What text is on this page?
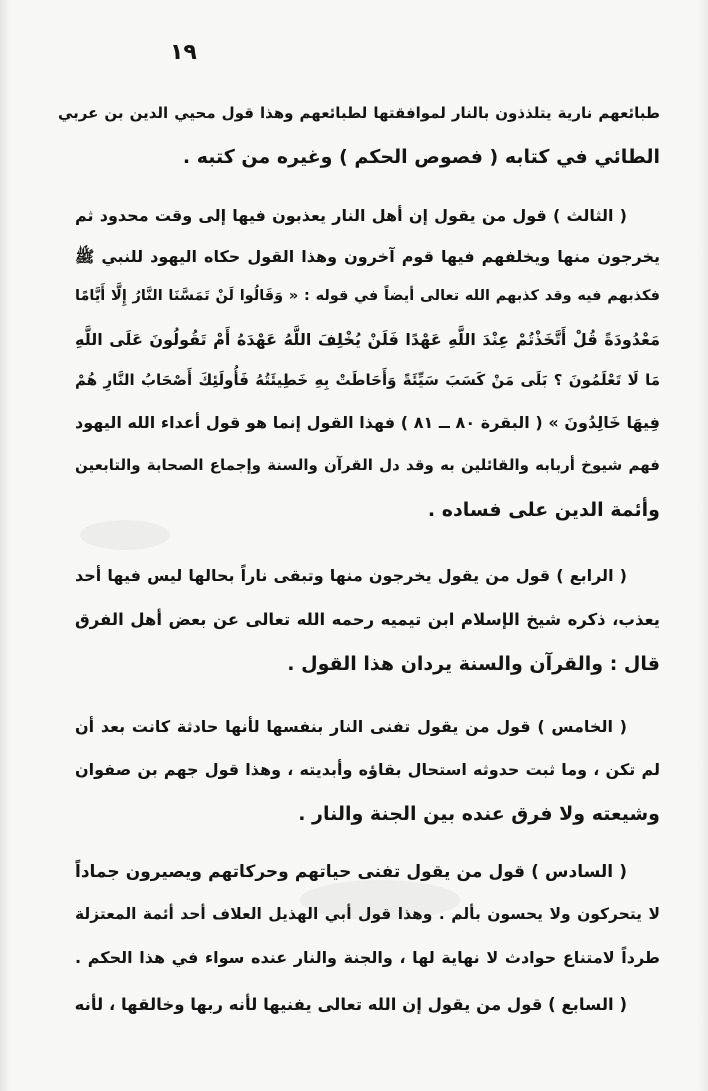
١٩
طبائعهم نارية يتلذذون بالنار لموافقتها لطبائعهم وهذا قول محيي الدين بن عربي
الطائي في كتابه ( فصوص الحكم ) وغيره من كتبه .
( الثالث ) قول من يقول إن أهل النار يعذبون فيها إلى وقت محدود ثم
يخرجون منها ويخلفهم فيها قوم آخرون وهذا القول حكاه اليهود للنبي ﷺ
فكذبهم فيه وقد كذبهم الله تعالى أيضاً في قوله : « وَقَالُوا لَنْ تَمَسَّنَا النَّارُ إِلَّا أَيَّامًا
مَعْدُودَةً قُلْ أَتَّخَذْتُمْ عِنْدَ اللَّهِ عَهْدًا فَلَنْ يُخْلِفَ اللَّهُ عَهْدَهُ أَمْ تَقُولُونَ عَلَى اللَّهِ
مَا لَا تَعْلَمُونَ ؟ بَلَى مَنْ كَسَبَ سَيِّئَةً وَأَحَاطَتْ بِهِ خَطِيئَتُهُ فَأُولَئِكَ أَصْحَابُ النَّارِ هُمْ
فِيهَا خَالِدُونَ » ( البقرة ٨٠ ــ ٨١ ) فهذا القول إنما هو قول أعداء الله اليهود
فهم شيوخ أربابه والقائلين به وقد دل القرآن والسنة وإجماع الصحابة والتابعين
وأئمة الدين على فساده .
( الرابع ) قول من يقول يخرجون منها وتبقى ناراً بحالها ليس فيها أحد
يعذب، ذكره شيخ الإسلام ابن تيميه رحمه الله تعالى عن بعض أهل الفرق
قال : والقرآن والسنة يردان هذا القول .
( الخامس ) قول من يقول تفنى النار بنفسها لأنها حادثة كانت بعد أن
لم تكن ، وما ثبت حدوثه استحال بقاؤه وأبديته ، وهذا قول جهم بن صفوان
وشيعته ولا فرق عنده بين الجنة والنار .
( السادس ) قول من يقول تفنى حياتهم وحركاتهم ويصيرون جماداً
لا يتحركون ولا يحسون بألم . وهذا قول أبي الهذيل العلاف أحد أئمة المعتزلة
طرداً لامتناع حوادث لا نهاية لها ، والجنة والنار عنده سواء في هذا الحكم .
( السابع ) قول من يقول إن الله تعالى يفنيها لأنه ربها وخالقها ، لأنه
